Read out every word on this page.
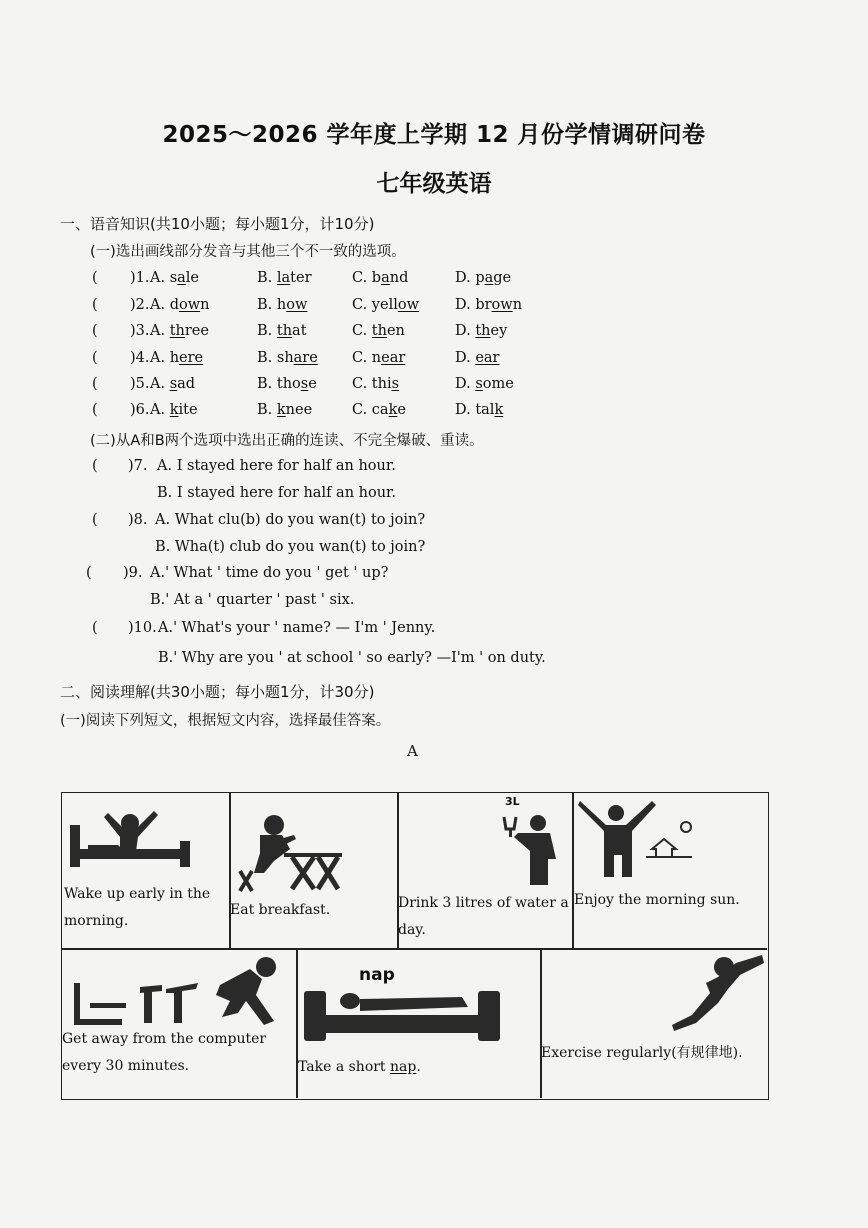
2025～2026 学年度上学期 12 月份学情调研问卷
七年级英语
一、语音知识(共10小题；每小题1分，计10分)
(一)选出画线部分发音与其他三个不一致的选项。
( )1. A. sale	B. later	C. band	D. page
( )2. A. down	B. how	C. yellow D. brown
( )3. A. three	B. that	C. then	D. they
( )4. A. here	B. share C. near	D. ear
( )5. A. sad	B. those C. this	D. some
( )6. A. kite	B. knee	C. cake	D. talk
(二)从A和B两个选项中选出正确的连读、不完全爆破、重读。
( )7. A. I stayed here for half an hour.
B. I stayed here for half an hour.
( )8. A. What clu(b) do you wan(t) to join?
B. Wha(t) club do you wan(t) to join?
( )9. A.' What ' time do you ' get ' up?
B.' At a ' quarter ' past ' six.
( )10. A.' What's your ' name? — I'm ' Jenny.
B.' Why are you ' at school ' so early? —I'm ' on duty.
二、阅读理解(共30小题；每小题1分，计30分)
(一)阅读下列短文，根据短文内容，选择最佳答案。
A
Wake up early in the morning.
Eat breakfast.
3L
Drink 3 litres of water a day.
Enjoy the morning sun.
Get away from the computer every 30 minutes.
nap
Take a short nap.
Exercise regularly(有规律地).
